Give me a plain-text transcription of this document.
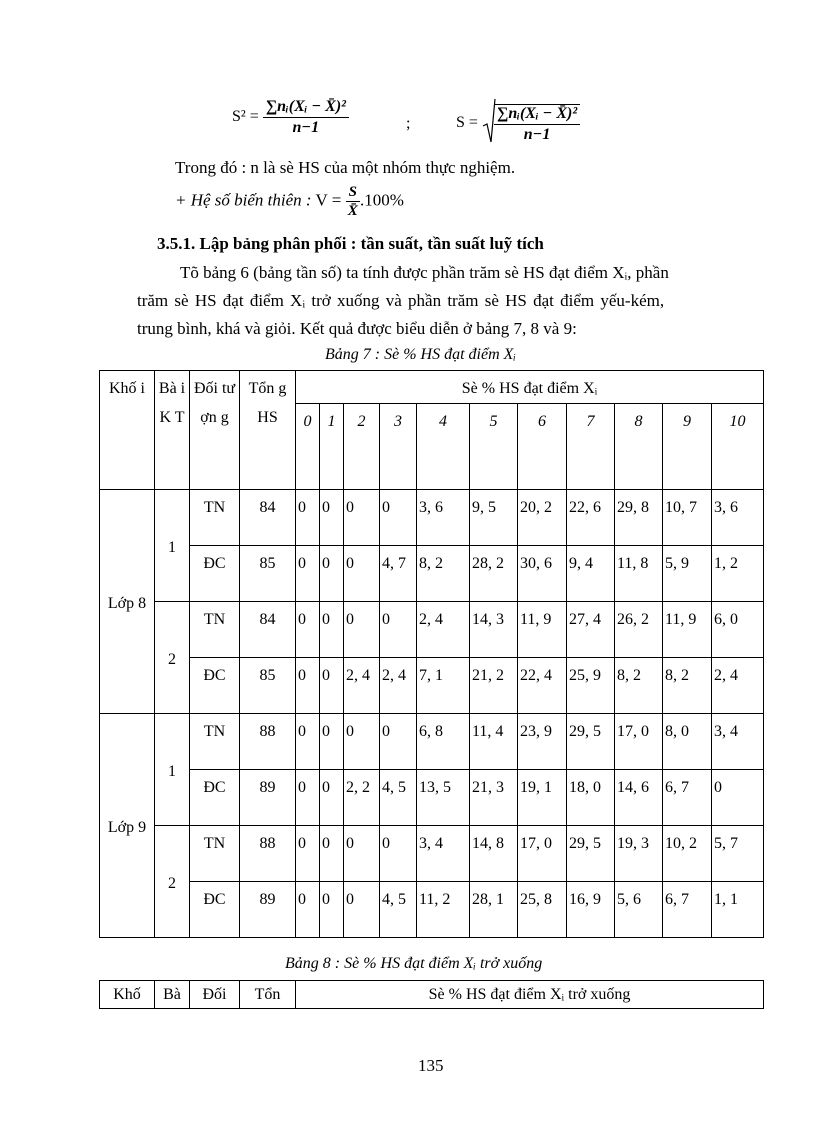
$S^2 = \frac{\text{∑nᵢ(Xᵢ − X̄)²}}{n-1}$	;	$S = \frac{\text{∑nᵢ(Xᵢ − X̄)²}}{n-1}$
Trong đó : n là sè HS của một nhóm thực nghiệm.
+ Hệ số biến thiên : $V = \frac{S}{X̄} .100\%$
3.5.1. Lập bảng phân phối : tần suất, tần suất luỹ tích
Tõ bảng 6 (bảng tần số) ta tính được phần trăm sè HS đạt điểm Xᵢ, phần
trăm sè HS đạt điểm Xᵢ trở xuống và phần trăm sè HS đạt điểm yếu-kém,
trung bình, khá và giỏi. Kết quả được biểu diễn ở bảng 7, 8 và 9:
Bảng 7 : Sè % HS đạt điểm Xᵢ
Khố i	Bà i K T	Đối tượn g	Tổn g HS	Sè % HS đạt điểm Xᵢ										
				0	1	2	3	4	5	6	7	8	9	10
Lớp 8	1	TN	84	0	0	0	0	3, 6	9, 5	20, 2	22, 6	29, 8	10, 7	3, 6
		ĐC	85	0	0	0	4, 7	8, 2	28, 2	30, 6	9, 4	11, 8	5, 9	1, 2
	2	TN	84	0	0	0	0	2, 4	14, 3	11, 9	27, 4	26, 2	11, 9	6, 0
		ĐC	85	0	0	2, 4	2, 4	7, 1	21, 2	22, 4	25, 9	8, 2	8, 2	2, 4
Lớp 9	1	TN	88	0	0	0	0	6, 8	11, 4	23, 9	29, 5	17, 0	8, 0	3, 4
		ĐC	89	0	0	2, 2	4, 5	13, 5	21, 3	19, 1	18, 0	14, 6	6, 7	0
	2	TN	88	0	0	0	0	3, 4	14, 8	17, 0	29, 5	19, 3	10, 2	5, 7
		ĐC	89	0	0	0	4, 5	11, 2	28, 1	25, 8	16, 9	5, 6	6, 7	1, 1
Bảng 8 : Sè % HS đạt điểm Xᵢ trở xuống
Khố	Bà	Đối	Tổn	Sè % HS đạt điểm Xᵢ trở xuống
135
